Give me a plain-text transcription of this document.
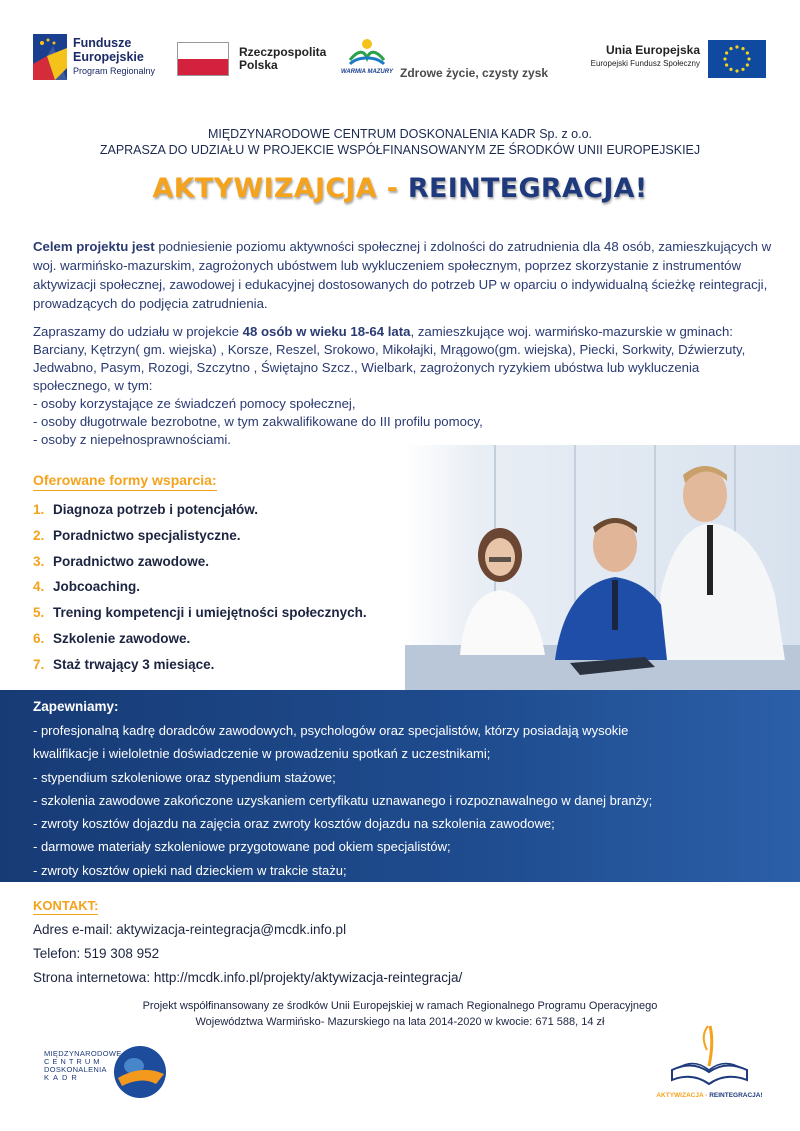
Fundusze
Europejskie
Program Regionalny
Rzeczpospolita
Polska	WARMIA MAZURY Zdrowe życie, czysty zysk
Unia Europejska
Europejski Fundusz Społeczny
MIĘDZYNARODOWE CENTRUM DOSKONALENIA KADR Sp. z o.o.
ZAPRASZA DO UDZIAŁU W PROJEKCIE WSPÓŁFINANSOWANYM ZE ŚRODKÓW UNII EUROPEJSKIEJ
AKTYWIZAJCJA - REINTEGRACJA!

Celem projektu jest podniesienie poziomu aktywności społecznej i zdolności do zatrudnienia dla 48 osób, zamieszkujących w woj. warmińsko-mazurskim, zagrożonych ubóstwem lub wykluczeniem społecznym, poprzez skorzystanie z instrumentów aktywizacji społecznej, zawodowej i edukacyjnej dostosowanych do potrzeb UP w oparciu o indywidualną ścieżkę reintegracji, prowadzących do podjęcia zatrudnienia.

Zapraszamy do udziału w projekcie 48 osób w wieku 18-64 lata, zamieszkujące woj. warmińsko-mazurskie w gminach: Barciany, Kętrzyn( gm. wiejska) , Korsze, Reszel, Srokowo, Mikołajki, Mrągowo(gm. wiejska), Piecki, Sorkwity, Dźwierzuty, Jedwabno, Pasym, Rozogi, Szczytno , Świętajno Szcz., Wielbark, zagrożonych ryzykiem ubóstwa lub wykluczenia społecznego, w tym:
- osoby korzystające ze świadczeń pomocy społecznej,
- osoby długotrwale bezrobotne, w tym zakwalifikowane do III profilu pomocy,
- osoby z niepełnosprawnościami.
Oferowane formy wsparcia:
1. Diagnoza potrzeb i potencjałów.
2. Poradnictwo specjalistyczne.
3. Poradnictwo zawodowe.
4. Jobcoaching.
5. Trening kompetencji i umiejętności społecznych.
6. Szkolenie zawodowe.
7. Staż trwający 3 miesiące.
Zapewniamy:
- profesjonalną kadrę doradców zawodowych, psychologów oraz specjalistów, którzy posiadają wysokie
kwalifikacje i wieloletnie doświadczenie w prowadzeniu spotkań z uczestnikami;
- stypendium szkoleniowe oraz stypendium stażowe;
- szkolenia zawodowe zakończone uzyskaniem certyfikatu uznawanego i rozpoznawalnego w danej branży;
- zwroty kosztów dojazdu na zajęcia oraz zwroty kosztów dojazdu na szkolenia zawodowe;
- darmowe materiały szkoleniowe przygotowane pod okiem specjalistów;
- zwroty kosztów opieki nad dzieckiem w trakcie stażu;
KONTAKT:
Adres e-mail: aktywizacja-reintegracja@mcdk.info.pl
Telefon: 519 308 952
Strona internetowa: http://mcdk.info.pl/projekty/aktywizacja-reintegracja/
Projekt współfinansowany ze środków Unii Europejskiej w ramach Regionalnego Programu Operacyjnego
Województwa Warmińsko- Mazurskiego na lata 2014-2020 w kwocie: 671 588, 14 zł
MIĘDZYNARODOWE
CENTRUM
DOSKONALENIA
KADR
AKTYWIZACJA - REINTEGRACJA!
